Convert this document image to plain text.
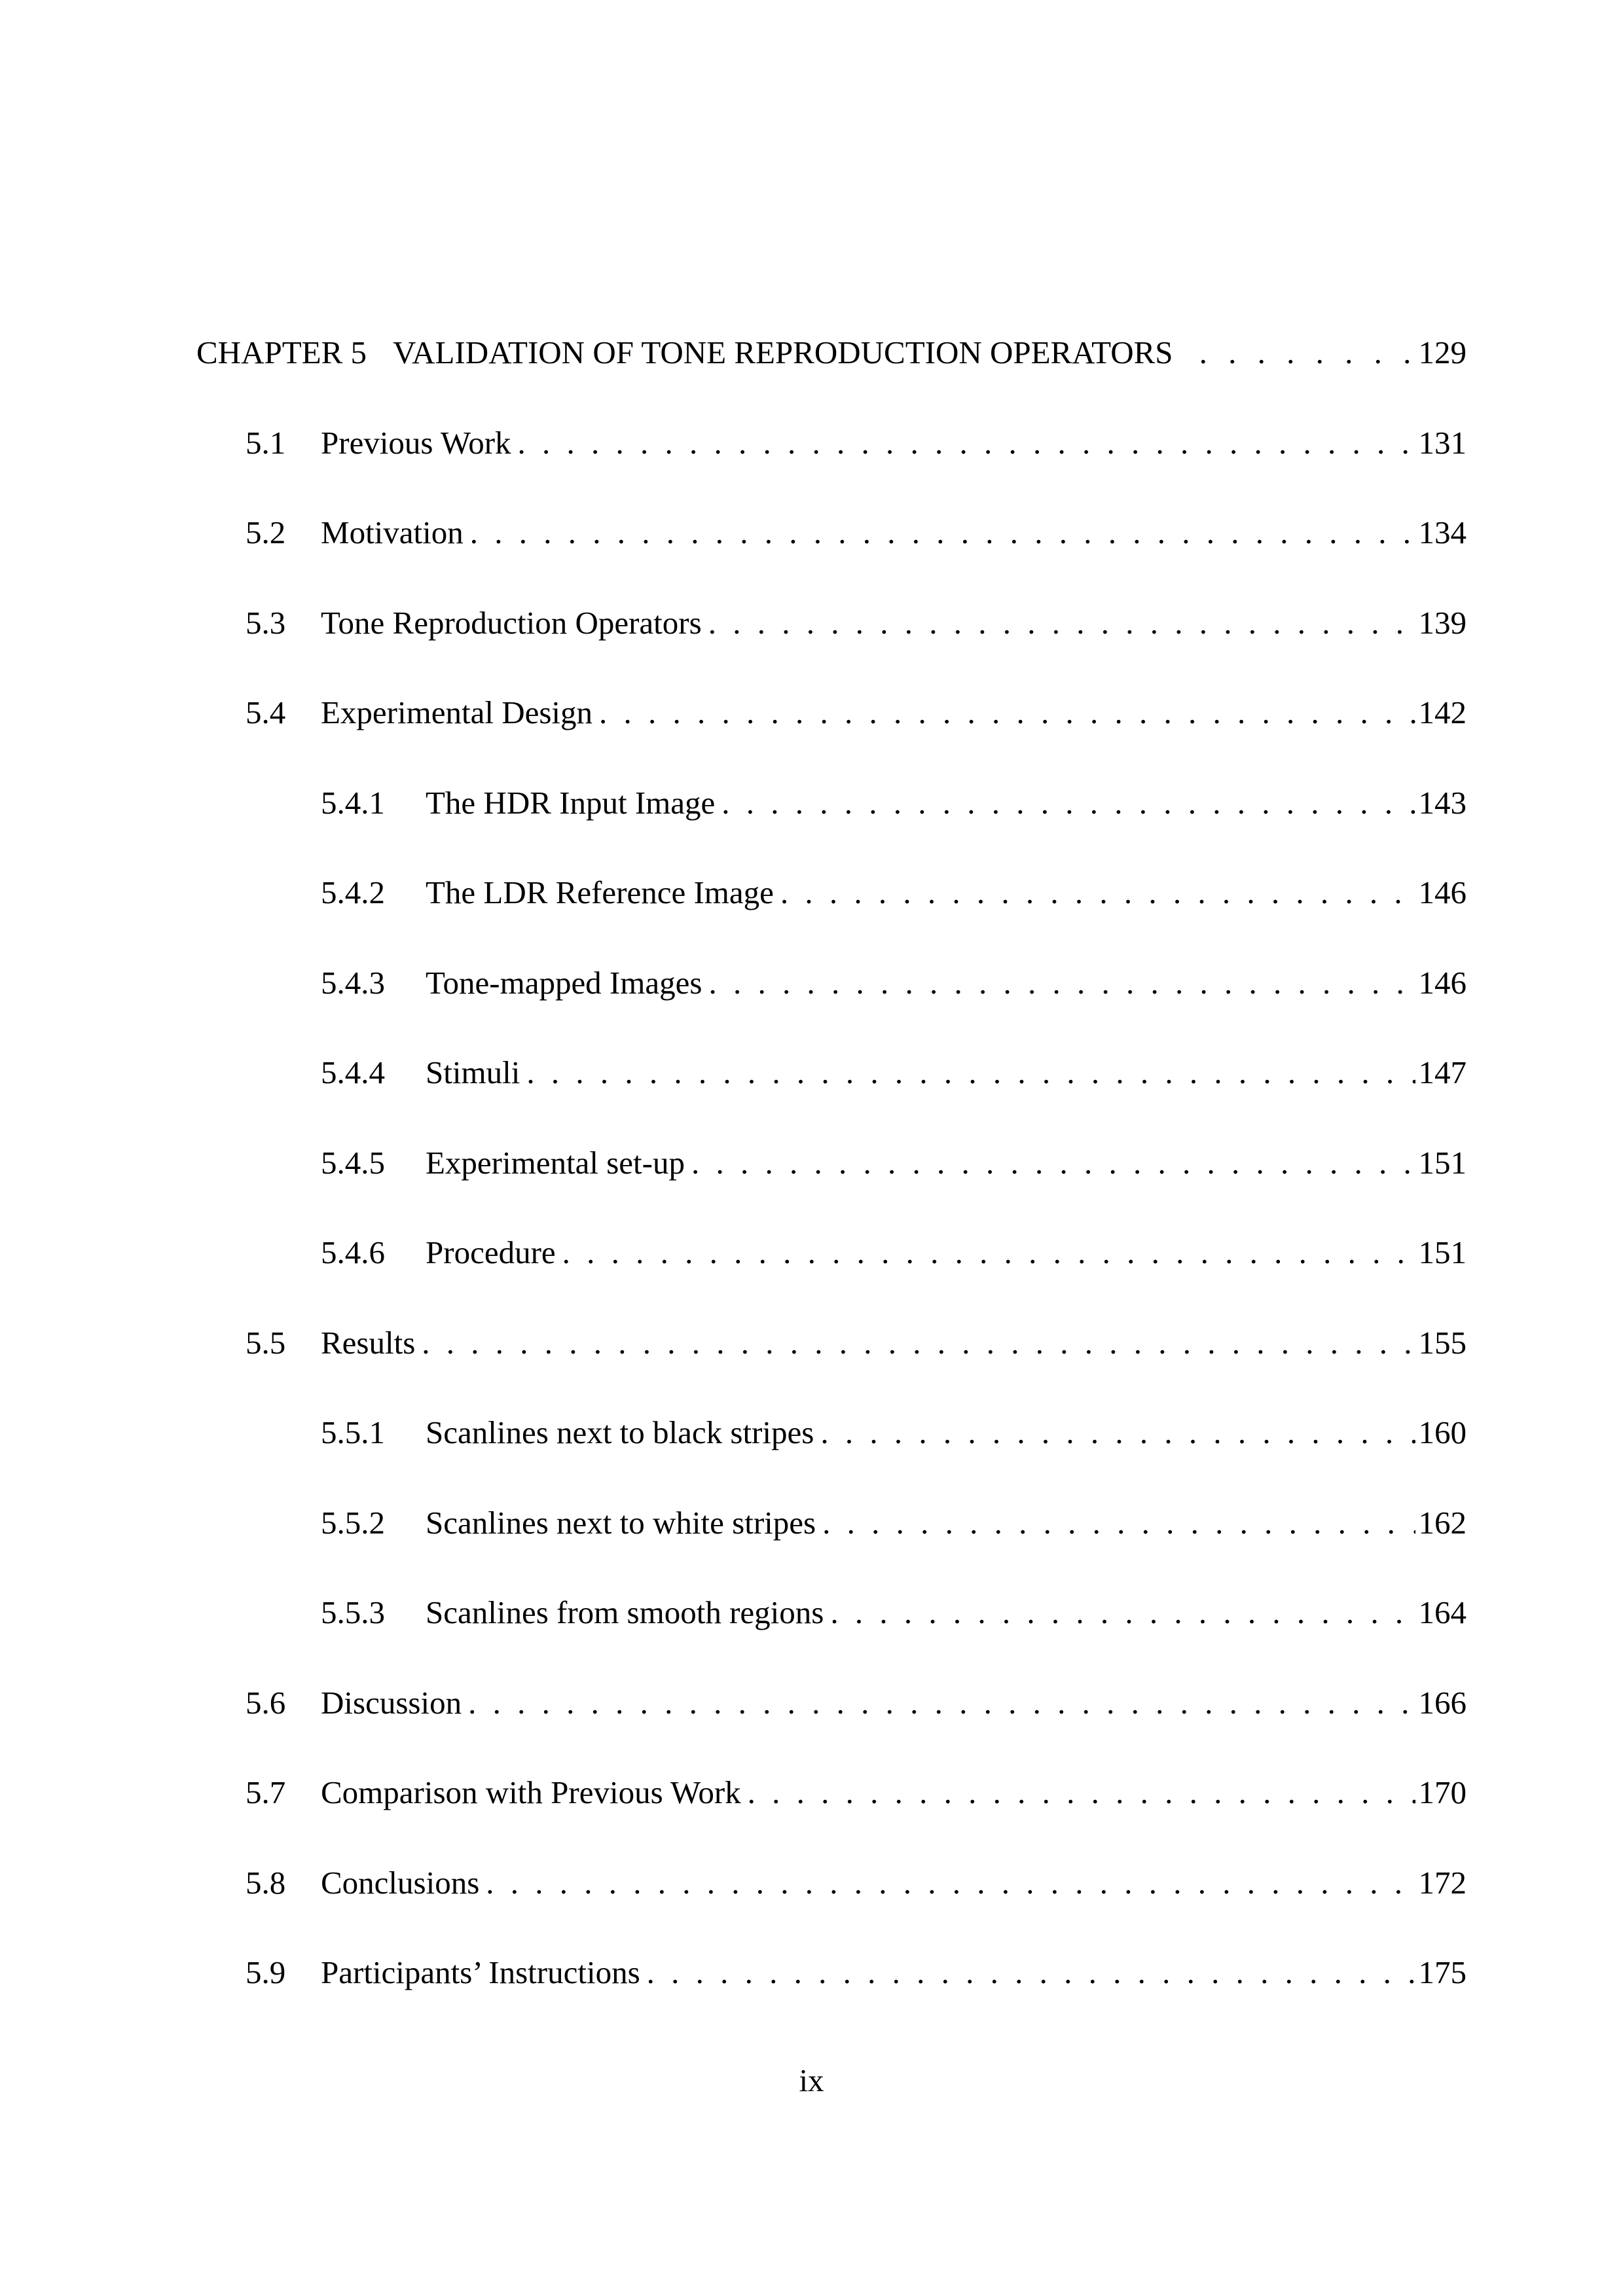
CHAPTER 5 VALIDATION OF TONE REPRODUCTION OPERATORS . . .	129
5.1	Previous Work . . .	131
5.2	Motivation . . .	134
5.3	Tone Reproduction Operators . . .	139
5.4	Experimental Design . . .	142
5.4.1	The HDR Input Image . . .	143
5.4.2	The LDR Reference Image . . .	146
5.4.3	Tone-mapped Images . . .	146
5.4.4	Stimuli . . .	147
5.4.5	Experimental set-up . . .	151
5.4.6	Procedure . . .	151
5.5	Results . . .	155
5.5.1	Scanlines next to black stripes . . .	160
5.5.2	Scanlines next to white stripes . . .	162
5.5.3	Scanlines from smooth regions . . .	164
5.6	Discussion . . .	166
5.7	Comparison with Previous Work . . .	170
5.8	Conclusions . . .	172
5.9	Participants’ Instructions . . .	175
ix
